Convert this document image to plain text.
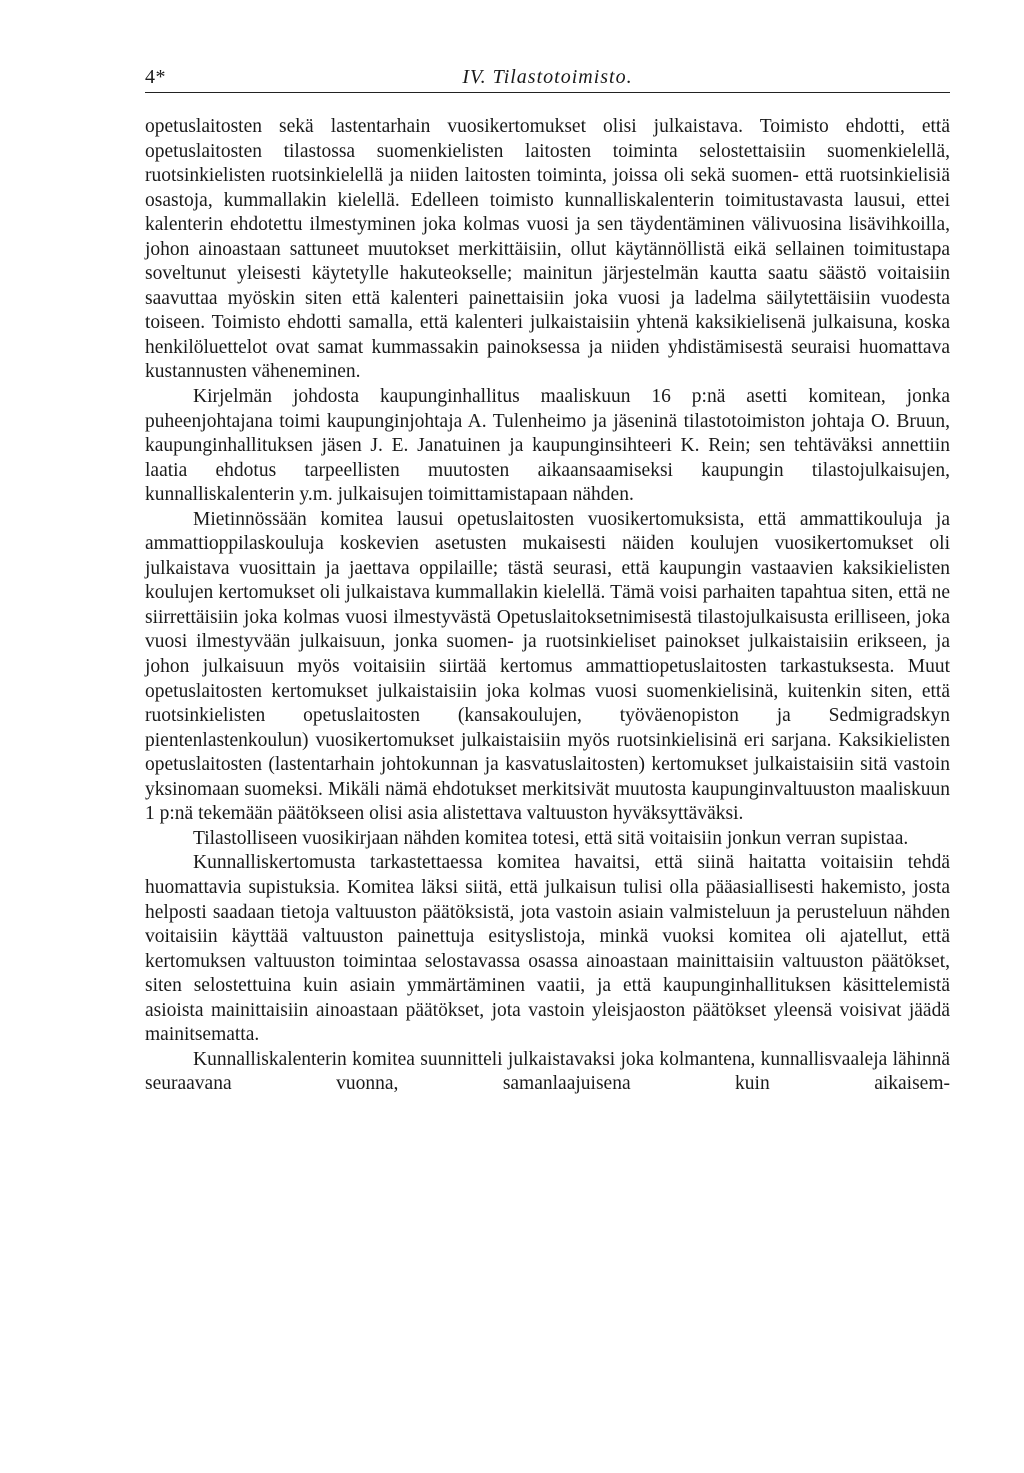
4*	IV. Tilastotoimisto.

opetuslaitosten sekä lastentarhain vuosikertomukset olisi julkaistava. Toimisto ehdotti, että opetuslaitosten tilastossa suomenkielisten laitosten toiminta selostettaisiin suomenkielellä, ruotsinkielisten ruotsinkielellä ja niiden laitosten toiminta, joissa oli sekä suomen- että ruotsinkielisiä osastoja, kummallakin kielellä. Edelleen toimisto kunnalliskalenterin toimitustavasta lausui, ettei kalenterin ehdotettu ilmestyminen joka kolmas vuosi ja sen täydentäminen välivuosina lisävihkoilla, johon ainoastaan sattuneet muutokset merkittäisiin, ollut käytännöllistä eikä sellainen toimitustapa soveltunut yleisesti käytetylle hakuteokselle; mainitun järjestelmän kautta saatu säästö voitaisiin saavuttaa myöskin siten että kalenteri painettaisiin joka vuosi ja ladelma säilytettäisiin vuodesta toiseen. Toimisto ehdotti samalla, että kalenteri julkaistaisiin yhtenä kaksikielisenä julkaisuna, koska henkilöluettelot ovat samat kummassakin painoksessa ja niiden yhdistämisestä seuraisi huomattava kustannusten väheneminen.

Kirjelmän johdosta kaupunginhallitus maaliskuun 16 p:nä asetti komitean, jonka puheenjohtajana toimi kaupunginjohtaja A. Tulenheimo ja jäseninä tilastotoimiston johtaja O. Bruun, kaupunginhallituksen jäsen J. E. Janatuinen ja kaupunginsihteeri K. Rein; sen tehtäväksi annettiin laatia ehdotus tarpeellisten muutosten aikaansaamiseksi kaupungin tilastojulkaisujen, kunnalliskalenterin y.m. julkaisujen toimittamistapaan nähden.

Mietinnössään komitea lausui opetuslaitosten vuosikertomuksista, että ammattikouluja ja ammattioppilaskouluja koskevien asetusten mukaisesti näiden koulujen vuosikertomukset oli julkaistava vuosittain ja jaettava oppilaille; tästä seurasi, että kaupungin vastaavien kaksikielisten koulujen kertomukset oli julkaistava kummallakin kielellä. Tämä voisi parhaiten tapahtua siten, että ne siirrettäisiin joka kolmas vuosi ilmestyvästä Opetuslaitoksetnimisestä tilastojulkaisusta erilliseen, joka vuosi ilmestyvään julkaisuun, jonka suomen- ja ruotsinkieliset painokset julkaistaisiin erikseen, ja johon julkaisuun myös voitaisiin siirtää kertomus ammattiopetuslaitosten tarkastuksesta. Muut opetuslaitosten kertomukset julkaistaisiin joka kolmas vuosi suomenkielisinä, kuitenkin siten, että ruotsinkielisten opetuslaitosten (kansakoulujen, työväenopiston ja Sedmigradskyn pientenlastenkoulun) vuosikertomukset julkaistaisiin myös ruotsinkielisinä eri sarjana. Kaksikielisten opetuslaitosten (lastentarhain johtokunnan ja kasvatuslaitosten) kertomukset julkaistaisiin sitä vastoin yksinomaan suomeksi. Mikäli nämä ehdotukset merkitsivät muutosta kaupunginvaltuuston maaliskuun 1 p:nä tekemään päätökseen olisi asia alistettava valtuuston hyväksyttäväksi.

Tilastolliseen vuosikirjaan nähden komitea totesi, että sitä voitaisiin jonkun verran supistaa.

Kunnalliskertomusta tarkastettaessa komitea havaitsi, että siinä haitatta voitaisiin tehdä huomattavia supistuksia. Komitea läksi siitä, että julkaisun tulisi olla pääasiallisesti hakemisto, josta helposti saadaan tietoja valtuuston päätöksistä, jota vastoin asiain valmisteluun ja perusteluun nähden voitaisiin käyttää valtuuston painettuja esityslistoja, minkä vuoksi komitea oli ajatellut, että kertomuksen valtuuston toimintaa selostavassa osassa ainoastaan mainittaisiin valtuuston päätökset, siten selostettuina kuin asiain ymmärtäminen vaatii, ja että kaupunginhallituksen käsittelemistä asioista mainittaisiin ainoastaan päätökset, jota vastoin yleisjaoston päätökset yleensä voisivat jäädä mainitsematta.

Kunnalliskalenterin komitea suunnitteli julkaistavaksi joka kolmantena, kunnallisvaaleja lähinnä seuraavana vuonna, samanlaajuisena kuin aikaisem-
